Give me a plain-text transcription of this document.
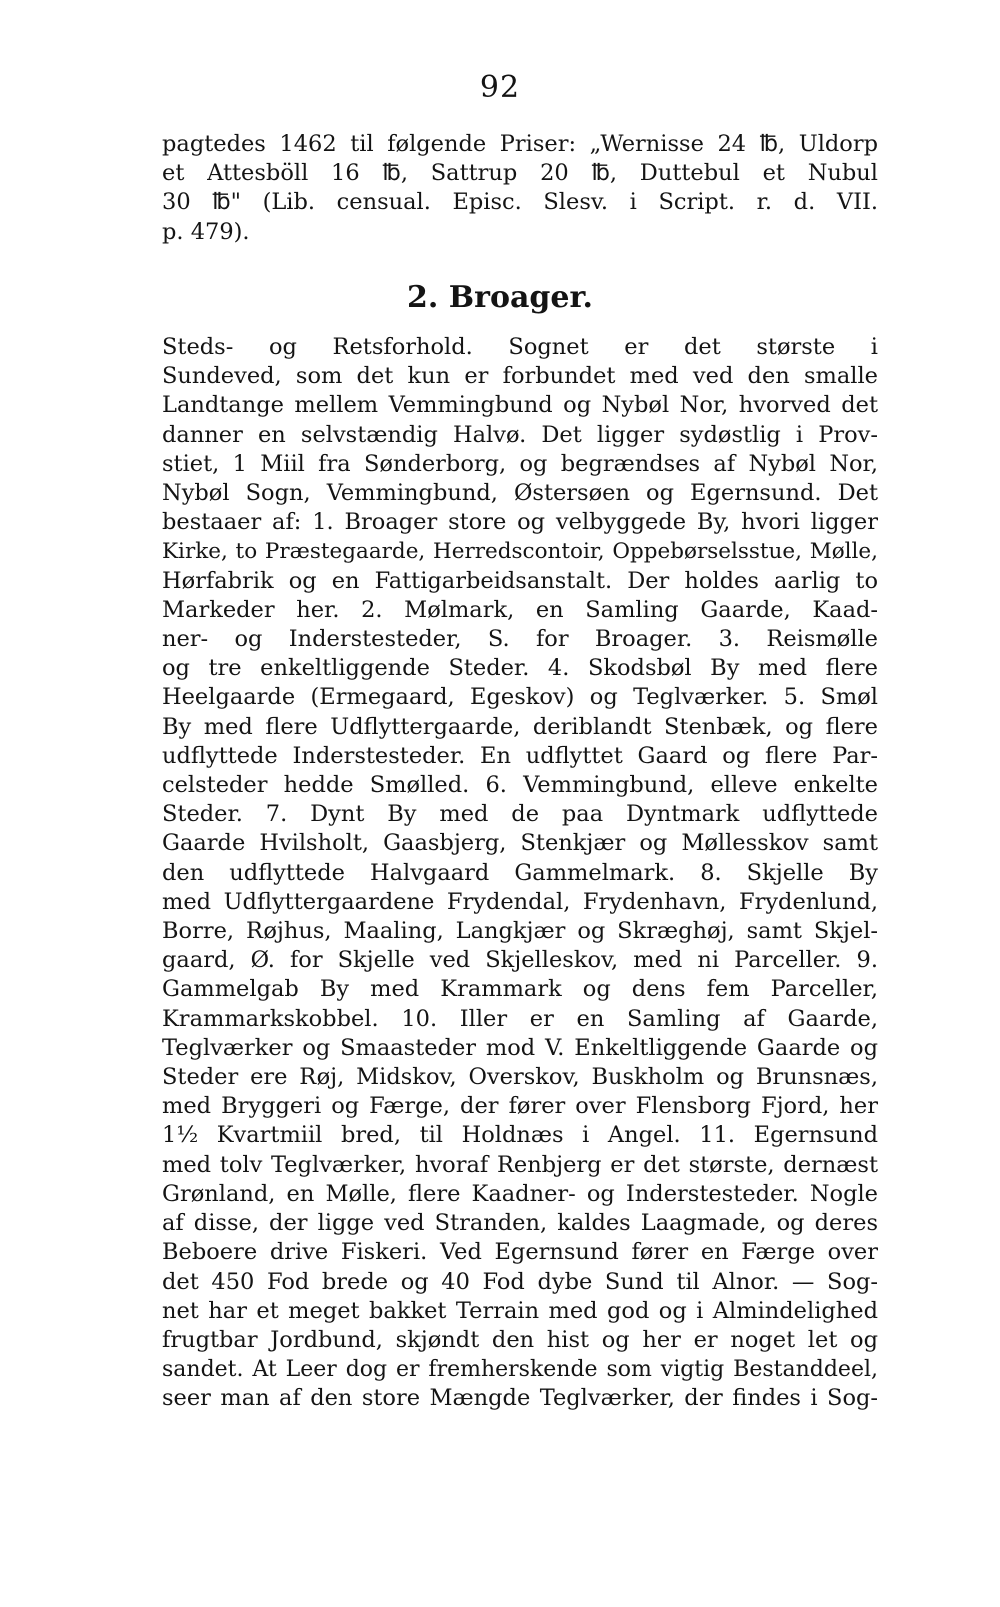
92
pagtedes 1462 til følgende Priser: „Wernisse 24 ℔, Uldorp
et Attesböll 16 ℔, Sattrup 20 ℔, Duttebul et Nubul
30 ℔" (Lib. censual. Episc. Slesv. i Script. r. d. VII.
p. 479).
2. Broager.
Steds- og Retsforhold. Sognet er det største i
Sundeved, som det kun er forbundet med ved den smalle
Landtange mellem Vemmingbund og Nybøl Nor, hvorved det
danner en selvstændig Halvø. Det ligger sydøstlig i Prov-
stiet, 1 Miil fra Sønderborg, og begrændses af Nybøl Nor,
Nybøl Sogn, Vemmingbund, Østersøen og Egernsund. Det
bestaaer af: 1. Broager store og velbyggede By, hvori ligger
Kirke, to Præstegaarde, Herredscontoir, Oppebørselsstue, Mølle,
Hørfabrik og en Fattigarbeidsanstalt. Der holdes aarlig to
Markeder her. 2. Mølmark, en Samling Gaarde, Kaad-
ner- og Inderstesteder, S. for Broager. 3. Reismølle
og tre enkeltliggende Steder. 4. Skodsbøl By med flere
Heelgaarde (Ermegaard, Egeskov) og Teglværker. 5. Smøl
By med flere Udflyttergaarde, deriblandt Stenbæk, og flere
udflyttede Inderstesteder. En udflyttet Gaard og flere Par-
celsteder hedde Smølled. 6. Vemmingbund, elleve enkelte
Steder. 7. Dynt By med de paa Dyntmark udflyttede
Gaarde Hvilsholt, Gaasbjerg, Stenkjær og Møllesskov samt
den udflyttede Halvgaard Gammelmark. 8. Skjelle By
med Udflyttergaardene Frydendal, Frydenhavn, Frydenlund,
Borre, Røjhus, Maaling, Langkjær og Skræghøj, samt Skjel-
gaard, Ø. for Skjelle ved Skjelleskov, med ni Parceller. 9.
Gammelgab By med Krammark og dens fem Parceller,
Krammarkskobbel. 10. Iller er en Samling af Gaarde,
Teglværker og Smaasteder mod V. Enkeltliggende Gaarde og
Steder ere Røj, Midskov, Overskov, Buskholm og Brunsnæs,
med Bryggeri og Færge, der fører over Flensborg Fjord, her
1½ Kvartmiil bred, til Holdnæs i Angel. 11. Egernsund
med tolv Teglværker, hvoraf Renbjerg er det største, dernæst
Grønland, en Mølle, flere Kaadner- og Inderstesteder. Nogle
af disse, der ligge ved Stranden, kaldes Laagmade, og deres
Beboere drive Fiskeri. Ved Egernsund fører en Færge over
det 450 Fod brede og 40 Fod dybe Sund til Alnor. — Sog-
net har et meget bakket Terrain med god og i Almindelighed
frugtbar Jordbund, skjøndt den hist og her er noget let og
sandet. At Leer dog er fremherskende som vigtig Bestanddeel,
seer man af den store Mængde Teglværker, der findes i Sog-
